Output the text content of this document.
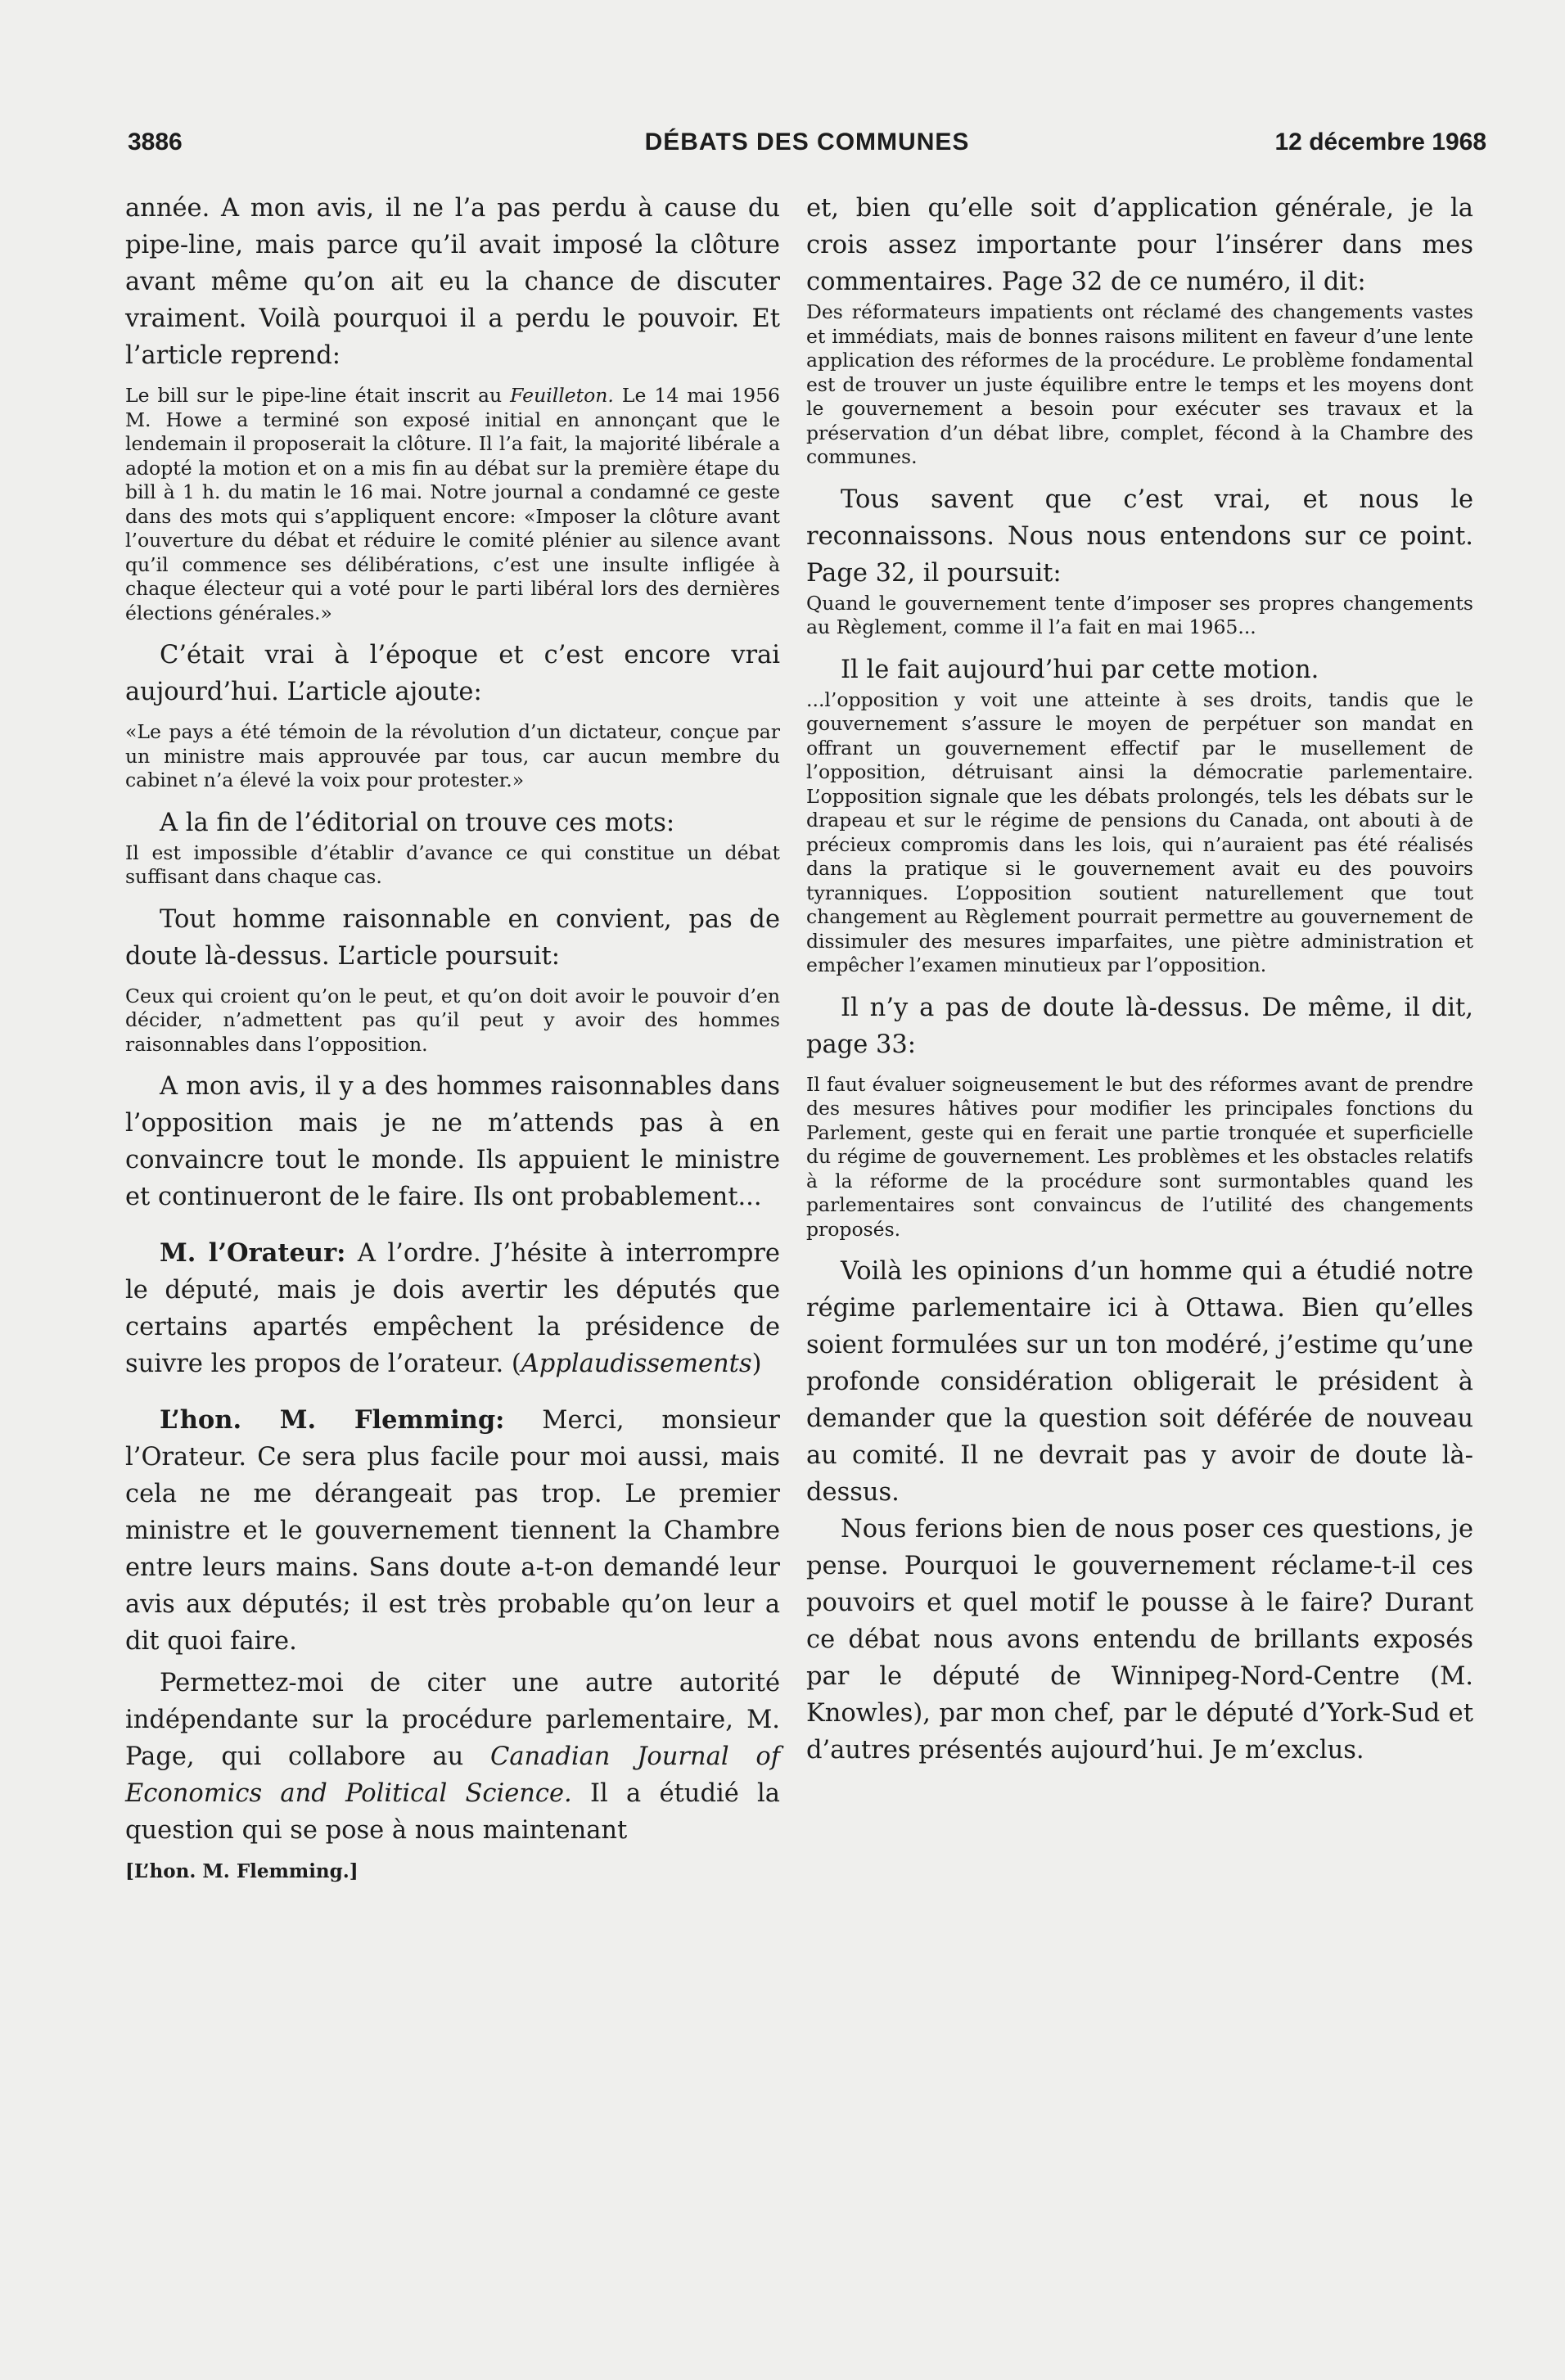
3886	DÉBATS DES COMMUNES	12 décembre 1968

année. A mon avis, il ne l’a pas perdu à cause du pipe-line, mais parce qu’il avait imposé la clôture avant même qu’on ait eu la chance de discuter vraiment. Voilà pourquoi il a perdu le pouvoir. Et l’article reprend:

Le bill sur le pipe-line était inscrit au Feuilleton. Le 14 mai 1956 M. Howe a terminé son exposé initial en annonçant que le lendemain il proposerait la clôture. Il l’a fait, la majorité libérale a adopté la motion et on a mis fin au débat sur la première étape du bill à 1 h. du matin le 16 mai. Notre journal a condamné ce geste dans des mots qui s’appliquent encore: «Imposer la clôture avant l’ouverture du débat et réduire le comité plénier au silence avant qu’il commence ses délibérations, c’est une insulte infligée à chaque électeur qui a voté pour le parti libéral lors des dernières élections générales.»

C’était vrai à l’époque et c’est encore vrai aujourd’hui. L’article ajoute:

«Le pays a été témoin de la révolution d’un dictateur, conçue par un ministre mais approuvée par tous, car aucun membre du cabinet n’a élevé la voix pour protester.»

A la fin de l’éditorial on trouve ces mots:

Il est impossible d’établir d’avance ce qui constitue un débat suffisant dans chaque cas.

Tout homme raisonnable en convient, pas de doute là-dessus. L’article poursuit:

Ceux qui croient qu’on le peut, et qu’on doit avoir le pouvoir d’en décider, n’admettent pas qu’il peut y avoir des hommes raisonnables dans l’opposition.

A mon avis, il y a des hommes raisonnables dans l’opposition mais je ne m’attends pas à en convaincre tout le monde. Ils appuient le ministre et continueront de le faire. Ils ont probablement...

M. l’Orateur: A l’ordre. J’hésite à interrompre le député, mais je dois avertir les députés que certains apartés empêchent la présidence de suivre les propos de l’orateur. (Applaudissements)

L’hon. M. Flemming: Merci, monsieur l’Orateur. Ce sera plus facile pour moi aussi, mais cela ne me dérangeait pas trop. Le premier ministre et le gouvernement tiennent la Chambre entre leurs mains. Sans doute a-t-on demandé leur avis aux députés; il est très probable qu’on leur a dit quoi faire.

Permettez-moi de citer une autre autorité indépendante sur la procédure parlementaire, M. Page, qui collabore au Canadian Journal of Economics and Political Science. Il a étudié la question qui se pose à nous maintenant

[L’hon. M. Flemming.]

et, bien qu’elle soit d’application générale, je la crois assez importante pour l’insérer dans mes commentaires. Page 32 de ce numéro, il dit:

Des réformateurs impatients ont réclamé des changements vastes et immédiats, mais de bonnes raisons militent en faveur d’une lente application des réformes de la procédure. Le problème fondamental est de trouver un juste équilibre entre le temps et les moyens dont le gouvernement a besoin pour exécuter ses travaux et la préservation d’un débat libre, complet, fécond à la Chambre des communes.

Tous savent que c’est vrai, et nous le reconnaissons. Nous nous entendons sur ce point. Page 32, il poursuit:

Quand le gouvernement tente d’imposer ses propres changements au Règlement, comme il l’a fait en mai 1965...

Il le fait aujourd’hui par cette motion.

...l’opposition y voit une atteinte à ses droits, tandis que le gouvernement s’assure le moyen de perpétuer son mandat en offrant un gouvernement effectif par le musellement de l’opposition, détruisant ainsi la démocratie parlementaire. L’opposition signale que les débats prolongés, tels les débats sur le drapeau et sur le régime de pensions du Canada, ont abouti à de précieux compromis dans les lois, qui n’auraient pas été réalisés dans la pratique si le gouvernement avait eu des pouvoirs tyranniques. L’opposition soutient naturellement que tout changement au Règlement pourrait permettre au gouvernement de dissimuler des mesures imparfaites, une piètre administration et empêcher l’examen minutieux par l’opposition.

Il n’y a pas de doute là-dessus. De même, il dit, page 33:

Il faut évaluer soigneusement le but des réformes avant de prendre des mesures hâtives pour modifier les principales fonctions du Parlement, geste qui en ferait une partie tronquée et superficielle du régime de gouvernement. Les problèmes et les obstacles relatifs à la réforme de la procédure sont surmontables quand les parlementaires sont convaincus de l’utilité des changements proposés.

Voilà les opinions d’un homme qui a étudié notre régime parlementaire ici à Ottawa. Bien qu’elles soient formulées sur un ton modéré, j’estime qu’une profonde considération obligerait le président à demander que la question soit déférée de nouveau au comité. Il ne devrait pas y avoir de doute là-dessus.

Nous ferions bien de nous poser ces questions, je pense. Pourquoi le gouvernement réclame-t-il ces pouvoirs et quel motif le pousse à le faire? Durant ce débat nous avons entendu de brillants exposés par le député de Winnipeg-Nord-Centre (M. Knowles), par mon chef, par le député d’York-Sud et d’autres présentés aujourd’hui. Je m’exclus.
